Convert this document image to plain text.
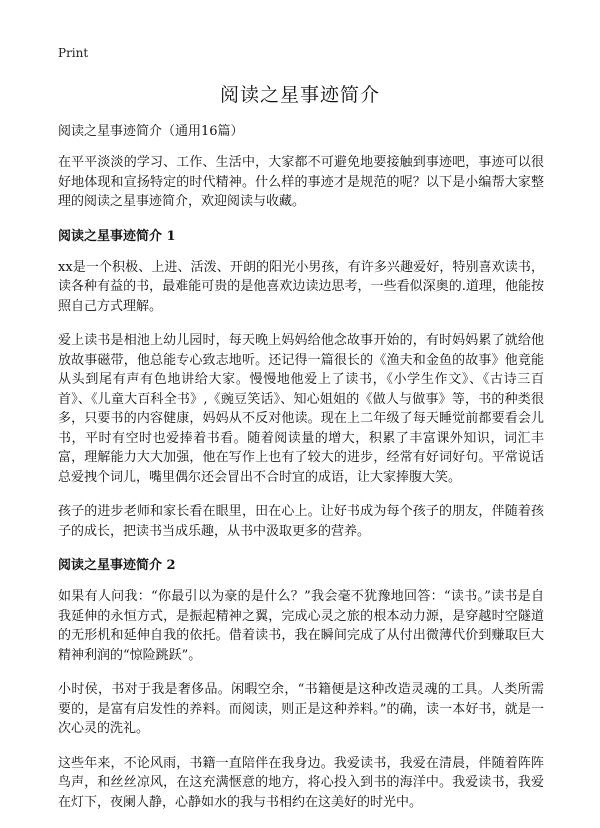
Print
阅读之星事迹简介

阅读之星事迹简介（通用16篇）

在平平淡淡的学习、工作、生活中，大家都不可避免地要接触到事迹吧，事迹可以很好地体现和宣扬特定的时代精神。什么样的事迹才是规范的呢？以下是小编帮大家整理的阅读之星事迹简介，欢迎阅读与收藏。

阅读之星事迹简介 1

xx是一个积极、上进、活泼、开朗的阳光小男孩，有许多兴趣爱好，特别喜欢读书，读各种有益的书，最难能可贵的是他喜欢边读边思考，一些看似深奥的.道理，他能按照自己方式理解。

爱上读书是相池上幼儿园时，每天晚上妈妈给他念故事开始的，有时妈妈累了就给他放故事磁带，他总能专心致志地听。还记得一篇很长的《渔夫和金鱼的故事》他竟能从头到尾有声有色地讲给大家。慢慢地他爱上了读书，《小学生作文》、《古诗三百首》、《儿童大百科全书》,《豌豆笑话》、知心姐姐的《做人与做事》等，书的种类很多，只要书的内容健康，妈妈从不反对他读。现在上二年级了每天睡觉前都要看会儿书，平时有空时也爱捧着书看。随着阅读量的增大，积累了丰富课外知识，词汇丰富，理解能力大大加强，他在写作上也有了较大的进步，经常有好词好句。平常说话总爱拽个词儿，嘴里偶尔还会冒出不合时宜的成语，让大家捧腹大笑。

孩子的进步老师和家长看在眼里，田在心上。让好书成为每个孩子的朋友，伴随着孩子的成长，把读书当成乐趣，从书中汲取更多的营养。

阅读之星事迹简介 2

如果有人问我：“你最引以为豪的是什么？”我会毫不犹豫地回答：“读书。”读书是自我延伸的永恒方式，是振起精神之翼，完成心灵之旅的根本动力源，是穿越时空隧道的无形机和延伸自我的依托。借着读书，我在瞬间完成了从付出微薄代价到赚取巨大精神利润的“惊险跳跃”。

小时侯，书对于我是奢侈品。闲暇空余，“书籍便是这种改造灵魂的工具。人类所需要的，是富有启发性的养料。而阅读，则正是这种养料。”的确，读一本好书，就是一次心灵的洗礼。

这些年来，不论风雨，书籍一直陪伴在我身边。我爱读书，我爱在清晨，伴随着阵阵鸟声，和丝丝凉风，在这充满惬意的地方，将心投入到书的海洋中。我爱读书，我爱在灯下，夜阑人静，心静如水的我与书相约在这美好的时光中。
